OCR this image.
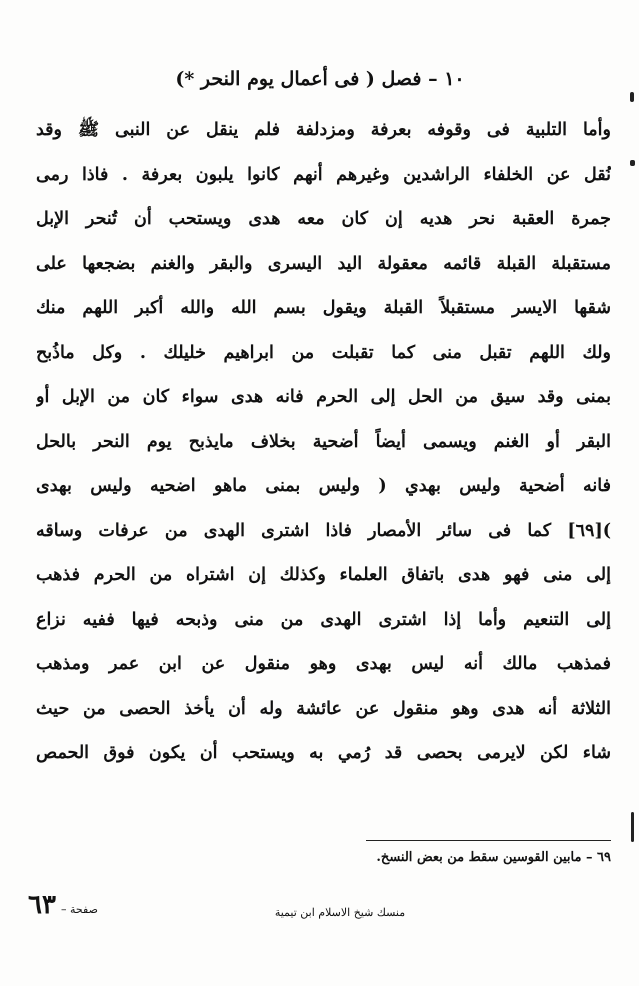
١٠ – فصل ( فى أعمال يوم النحر *)
وأما التلبية فى وقوفه بعرفة ومزدلفة فلم ينقل عن النبى ﷺ وقد
نُقل عن الخلفاء الراشدين وغيرهم أنهم كانوا يلبون بعرفة . فاذا رمى
جمرة العقبة نحر هديه إن كان معه هدى ويستحب أن تُنحر الإبل
مستقبلة القبلة قائمه معقولة اليد اليسرى والبقر والغنم بضجعها على
شقها الايسر مستقبلاً القبلة ويقول بسم الله والله أكبر اللهم منك
ولك اللهم تقبل منى كما تقبلت من ابراهيم خليلك . وكل ماذُبح
بمنى وقد سيق من الحل إلى الحرم فانه هدى سواء كان من الإبل أو
البقر أو الغنم ويسمى أيضاً أضحية بخلاف مايذبح يوم النحر بالحل
فانه أضحية وليس بهدي ( وليس بمنى ماهو اضحيه وليس بهدى
)[٦٩] كما فى سائر الأمصار فاذا اشترى الهدى من عرفات وساقه
إلى منى فهو هدى باتفاق العلماء وكذلك إن اشتراه من الحرم فذهب
إلى التنعيم وأما إذا اشترى الهدى من منى وذبحه فيها ففيه نزاع
فمذهب مالك أنه ليس بهدى وهو منقول عن ابن عمر ومذهب
الثلاثة أنه هدى وهو منقول عن عائشة وله أن يأخذ الحصى من حيث
شاء لكن لايرمى بحصى قد رُمي به ويستحب أن يكون فوق الحمص
٦٩ – مابين القوسين سقط من بعض النسخ.
منسك شيخ الاسلام ابن تيمية
صفحة – ٦٣
